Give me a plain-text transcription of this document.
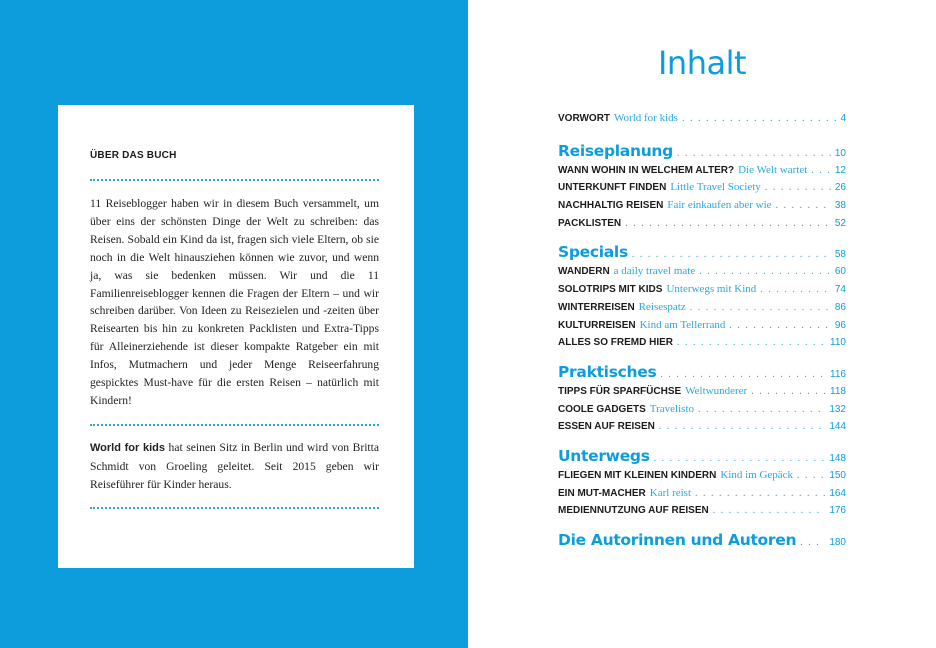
ÜBER DAS BUCH

11 Reiseblogger haben wir in diesem Buch versammelt, um über eins der schönsten Dinge der Welt zu schreiben: das Reisen. Sobald ein Kind da ist, fragen sich viele Eltern, ob sie noch in die Welt hinausziehen können wie zuvor, und wenn ja, was sie bedenken müssen. Wir und die 11 Familienreiseblogger kennen die Fragen der Eltern – und wir schreiben darüber. Von Ideen zu Reisezielen und -zeiten über Reisearten bis hin zu konkreten Packlisten und Extra-Tipps für Alleinerziehende ist dieser kompakte Ratgeber ein mit Infos, Mutmachern und jeder Menge Reiseerfahrung gespicktes Must-have für die ersten Reisen – natürlich mit Kindern!

World for kids hat seinen Sitz in Berlin und wird von Britta Schmidt von Groeling geleitet. Seit 2015 geben wir Reiseführer für Kinder heraus.

Inhalt
VORWORT World for kids . . .	4
Reiseplanung . . .	10
WANN WOHIN IN WELCHEM ALTER? Die Welt wartet . . .	12
UNTERKUNFT FINDEN Little Travel Society . . .	26
NACHHALTIG REISEN Fair einkaufen aber wie . . .	38
PACKLISTEN . . .	52
Specials . . .	58
WANDERN a daily travel mate . . .	60
SOLOTRIPS MIT KIDS Unterwegs mit Kind . . .	74
WINTERREISEN Reisespatz . . .	86
KULTURREISEN Kind am Tellerrand . . .	96
ALLES SO FREMD HIER . . .	110
Praktisches . . .	116
TIPPS FÜR SPARFÜCHSE Weltwunderer . . .	118
COOLE GADGETS Travelisto . . .	132
ESSEN AUF REISEN . . .	144
Unterwegs . . .	148
FLIEGEN MIT KLEINEN KINDERN Kind im Gepäck . . .	150
EIN MUT-MACHER Karl reist . . .	164
MEDIENNUTZUNG AUF REISEN . . .	176
Die Autorinnen und Autoren . . .	180
